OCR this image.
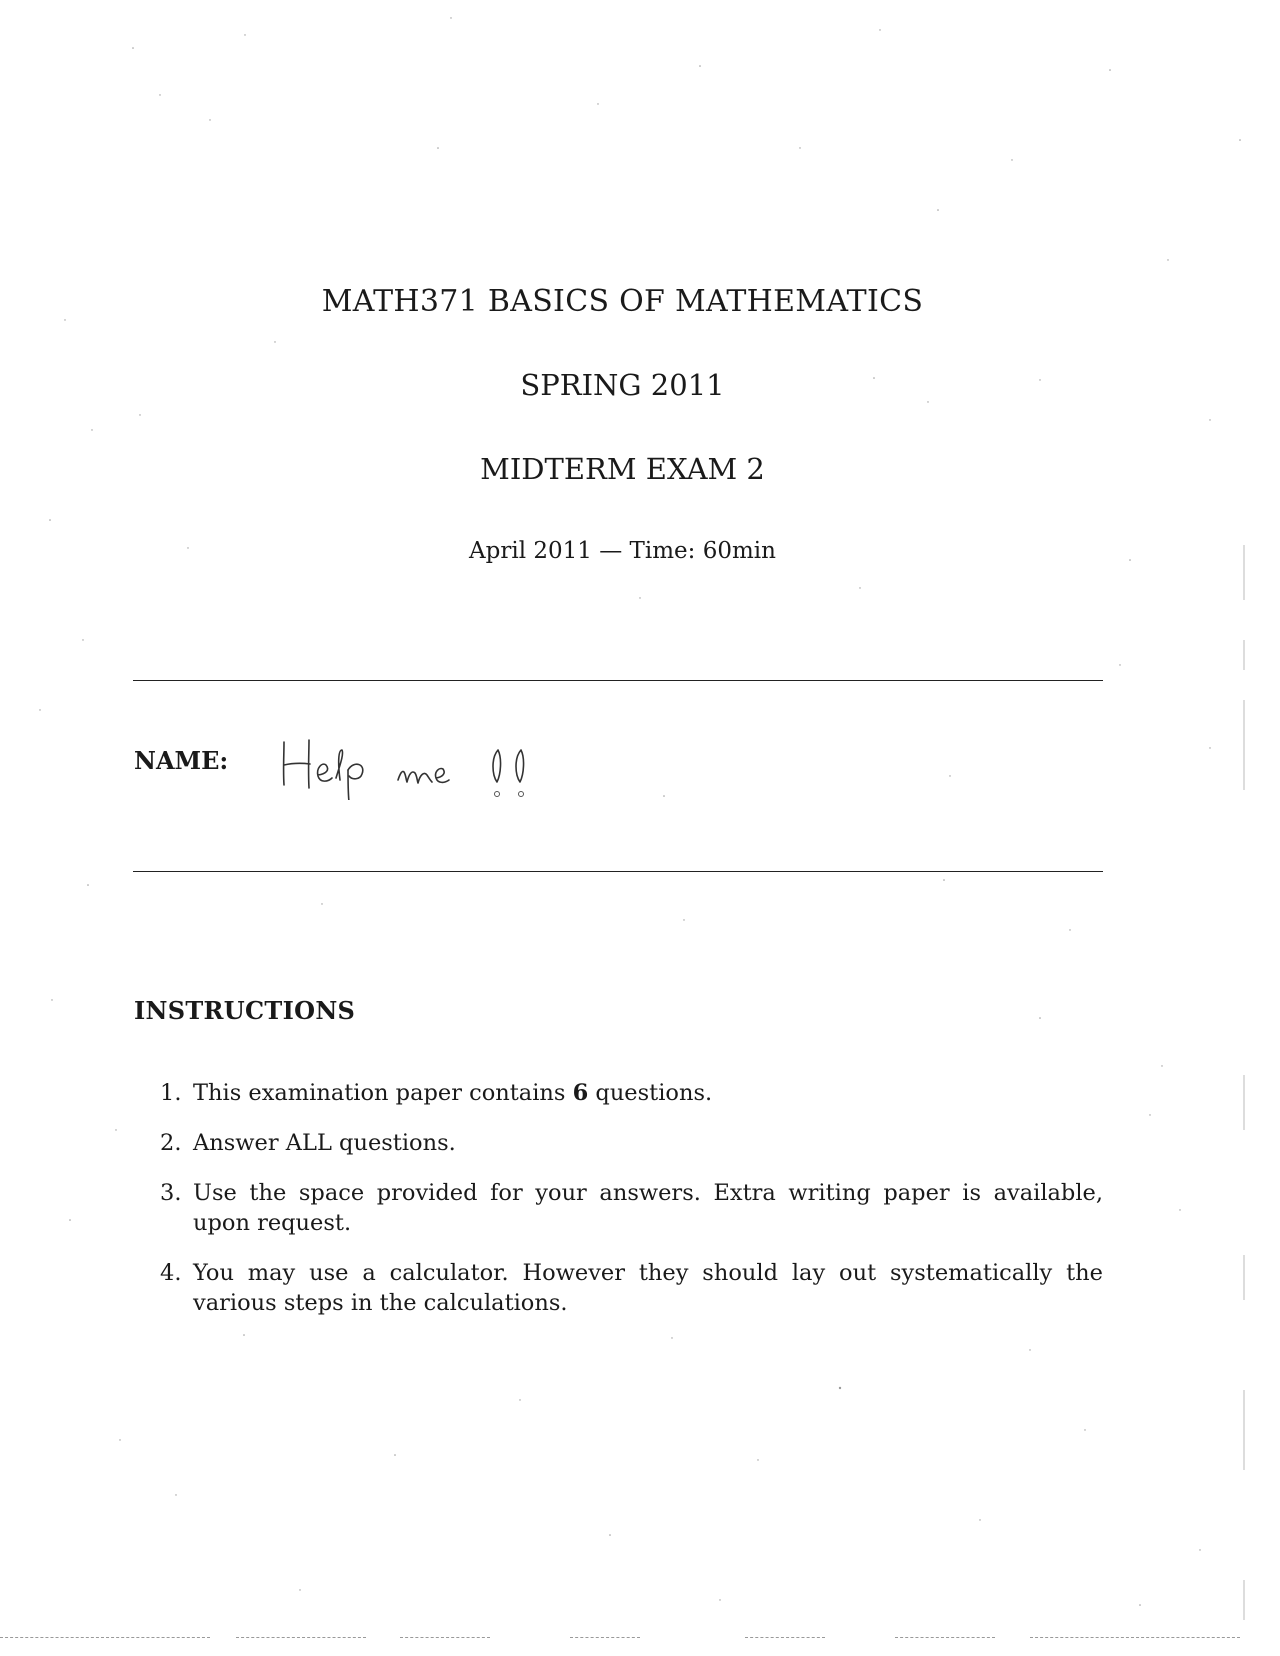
MATH371 BASICS OF MATHEMATICS
SPRING 2011
MIDTERM EXAM 2
April 2011 — Time: 60min
NAME:
INSTRUCTIONS
1. This examination paper contains 6 questions.
2. Answer ALL questions.
3. Use the space provided for your answers. Extra writing paper is available, upon request.
4. You may use a calculator. However they should lay out systematically the various steps in the calculations.
